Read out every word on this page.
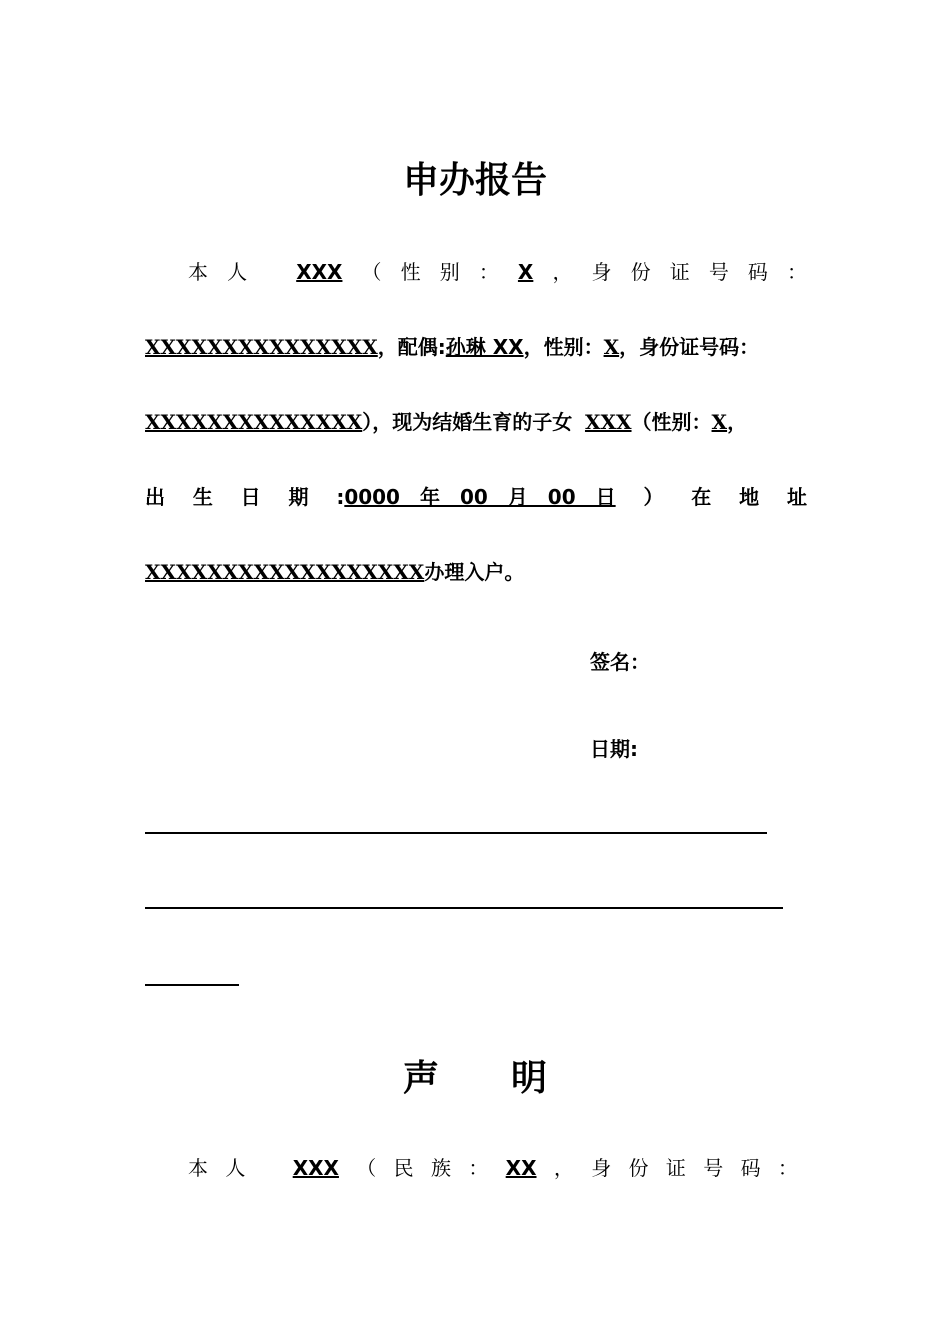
申办报告
本 人 XXX （ 性 别 ： X ， 身 份 证 号 码 ：
XXXXXXXXXXXXXXX，配偶:孙琳 XX，性别：X，身份证号码：
XXXXXXXXXXXXXX），现为结婚生育的子女 XXX（性别：X，
出 生 日 期 :0000　年　00　月　00　日 ） 在 地 址
XXXXXXXXXXXXXXXXXX办理入户。
签名：
日期:
声　　明
本 人 XXX （ 民 族 ： XX ， 身 份 证 号 码 ：
